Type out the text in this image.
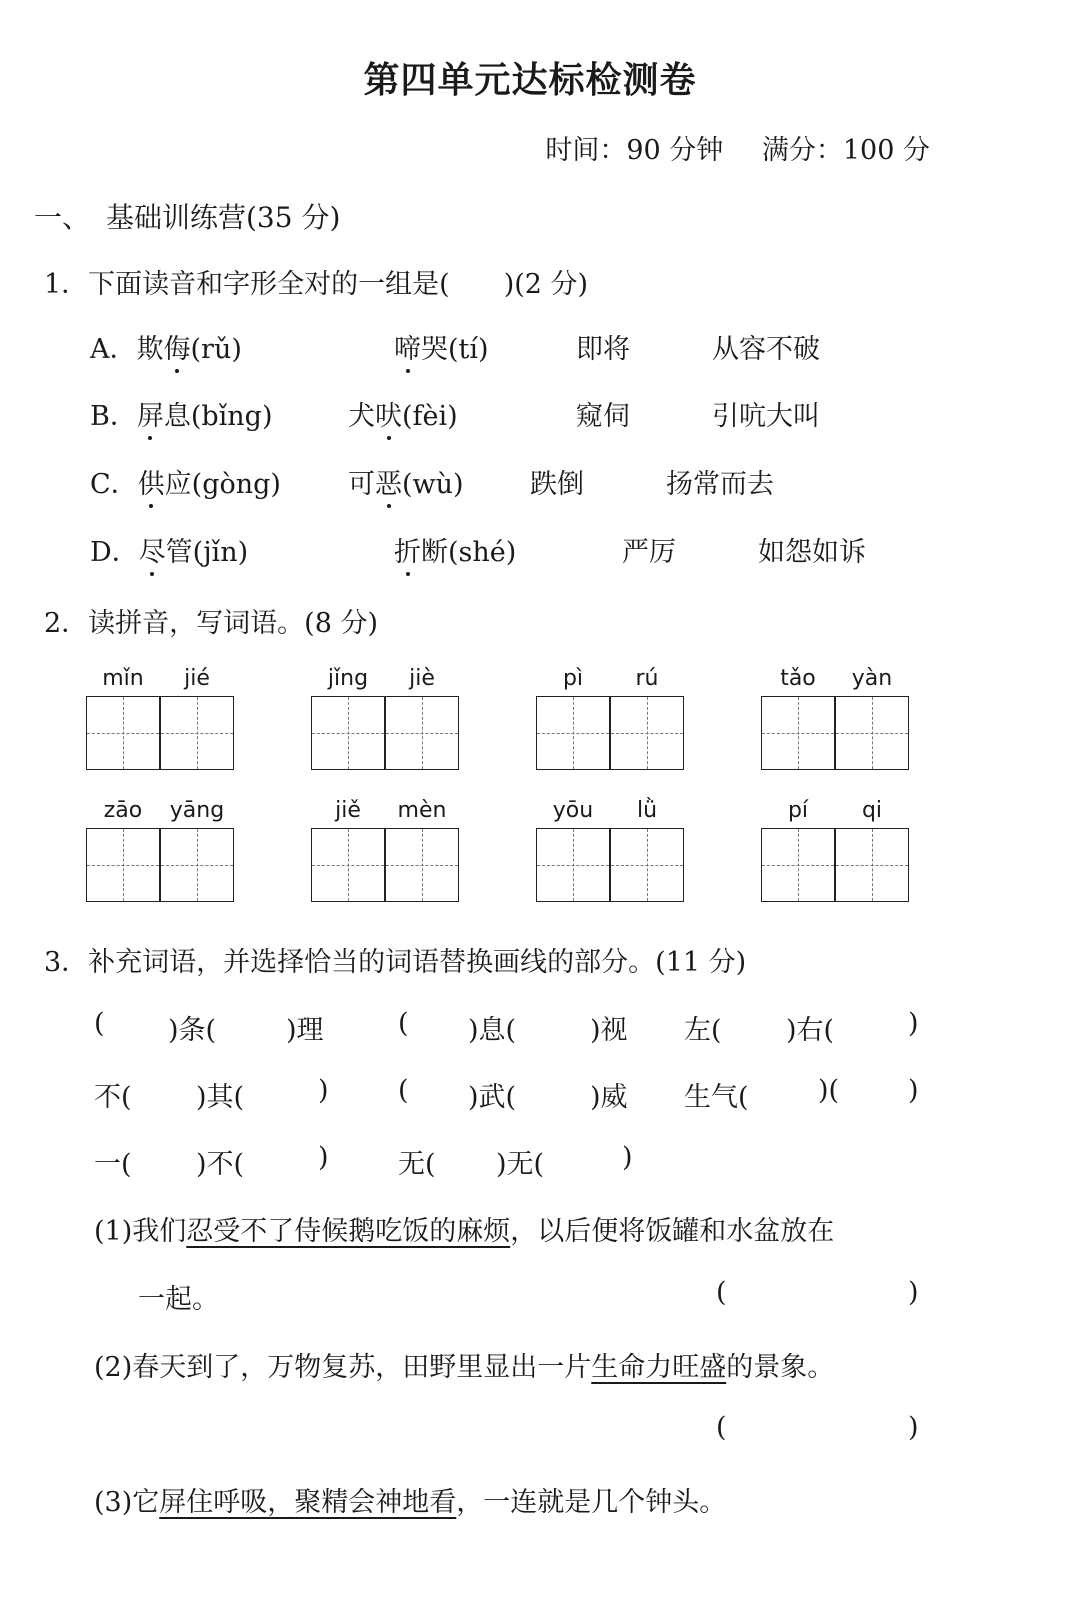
第四单元达标检测卷
时间：90 分钟 满分：100 分
一、 基础训练营(35 分)
1．下面读音和字形全对的一组是(　　)(2 分)
A．欺侮(rǔ)	啼哭(tí)	即将	从容不破
B．屏息(bǐng)	犬吠(fèi)	窥伺	引吭大叫
C．供应(gòng) 可恶(wù) 跌倒	扬常而去
D．尽管(jǐn)	折断(shé)	严厉	如怨如诉
2．读拼音，写词语。(8 分)
mǐn	jié	jǐng	jiè	pì	rú	tǎo	yàn
zāo	yāng	jiě	mèn	yōu	lǜ	pí	qi
3．补充词语，并选择恰当的词语替换画线的部分。(11 分)
( )条(	)理	( )息(	)视 左( )右(	)
不( )其(	)	( )武(	)威 生气(	)(	)
一( )不(	)	无( )无(	)
(1)我们忍受不了侍候鹅吃饭的麻烦，以后便将饭罐和水盆放在
一起。	(	)
(2)春天到了，万物复苏，田野里显出一片生命力旺盛的景象。
(	)
(3)它屏住呼吸，聚精会神地看，一连就是几个钟头。
